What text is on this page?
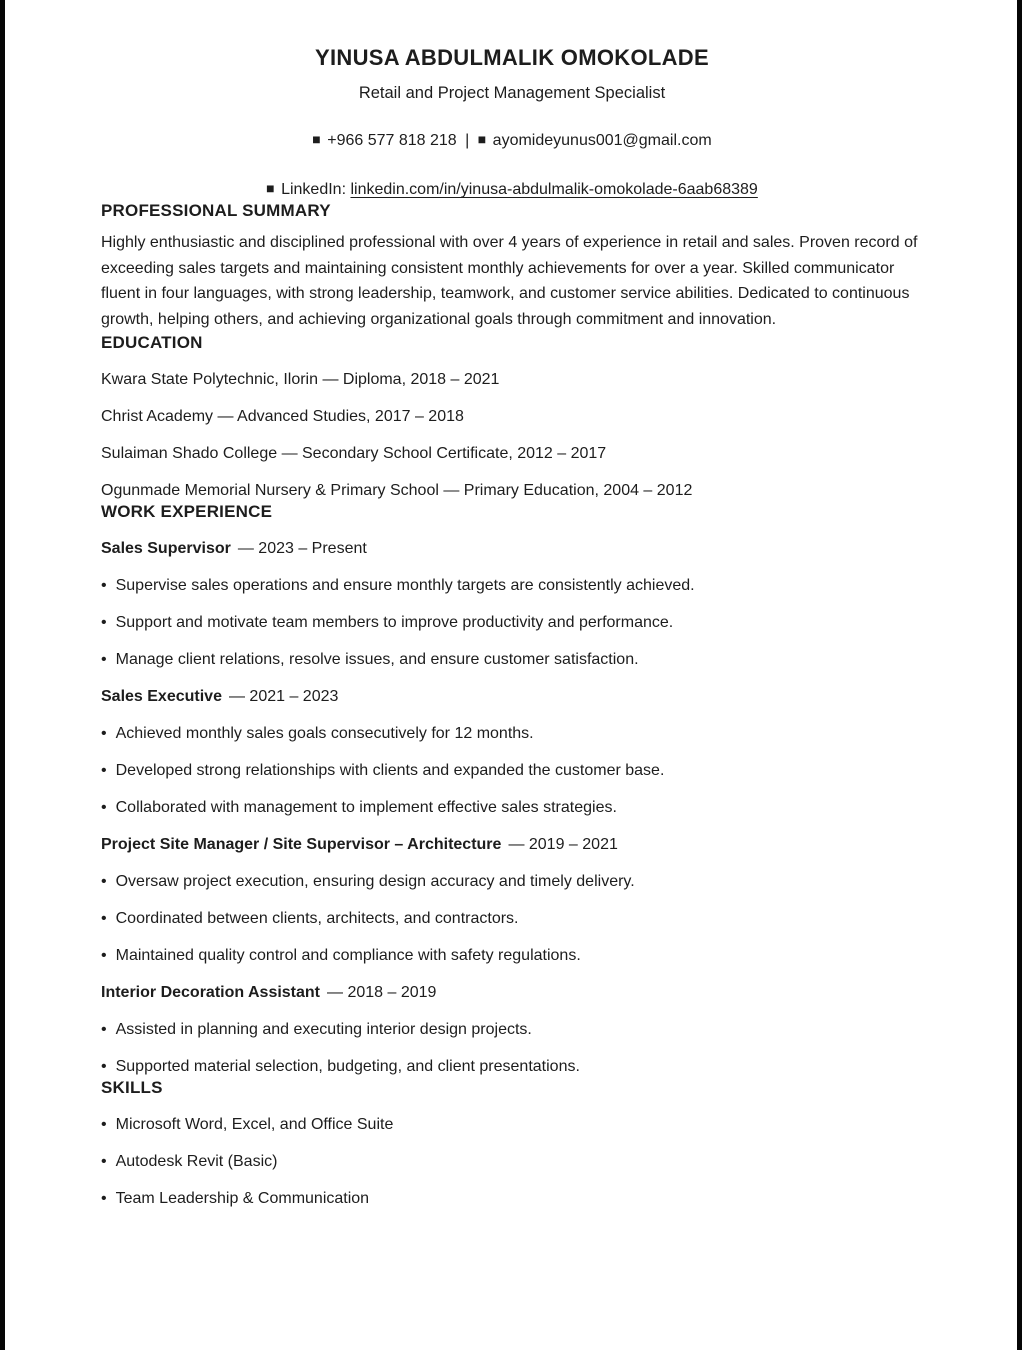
YINUSA ABDULMALIK OMOKOLADE
Retail and Project Management Specialist
■ +966 577 818 218 | ■ ayomideyunus001@gmail.com
■ LinkedIn: linkedin.com/in/yinusa-abdulmalik-omokolade-6aab68389
PROFESSIONAL SUMMARY

Highly enthusiastic and disciplined professional with over 4 years of experience in retail and sales. Proven record of exceeding sales targets and maintaining consistent monthly achievements for over a year. Skilled communicator fluent in four languages, with strong leadership, teamwork, and customer service abilities. Dedicated to continuous growth, helping others, and achieving organizational goals through commitment and innovation.

EDUCATION
Kwara State Polytechnic, Ilorin — Diploma, 2018 – 2021
Christ Academy — Advanced Studies, 2017 – 2018
Sulaiman Shado College — Secondary School Certificate, 2012 – 2017
Ogunmade Memorial Nursery & Primary School — Primary Education, 2004 – 2012
WORK EXPERIENCE
Sales Supervisor — 2023 – Present
• Supervise sales operations and ensure monthly targets are consistently achieved.
• Support and motivate team members to improve productivity and performance.
• Manage client relations, resolve issues, and ensure customer satisfaction.
Sales Executive — 2021 – 2023
• Achieved monthly sales goals consecutively for 12 months.
• Developed strong relationships with clients and expanded the customer base.
• Collaborated with management to implement effective sales strategies.
Project Site Manager / Site Supervisor – Architecture — 2019 – 2021
• Oversaw project execution, ensuring design accuracy and timely delivery.
• Coordinated between clients, architects, and contractors.
• Maintained quality control and compliance with safety regulations.
Interior Decoration Assistant — 2018 – 2019
• Assisted in planning and executing interior design projects.
• Supported material selection, budgeting, and client presentations.
SKILLS
• Microsoft Word, Excel, and Office Suite
• Autodesk Revit (Basic)
• Team Leadership & Communication
